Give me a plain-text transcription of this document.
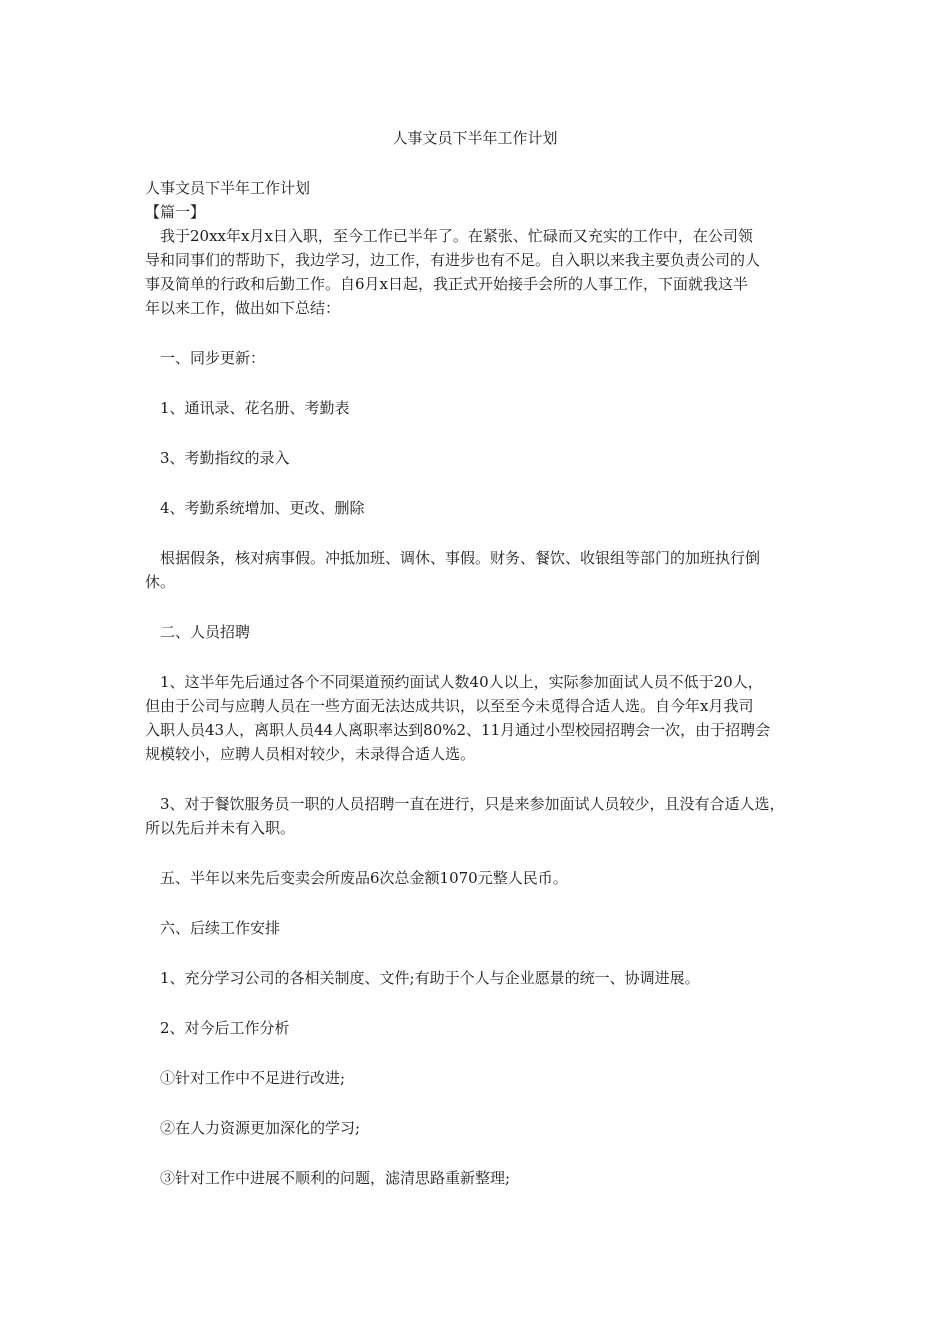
人事文员下半年工作计划
人事文员下半年工作计划
【篇一】
我于20xx年x月x日入职，至今工作已半年了。在紧张、忙碌而又充实的工作中，在公司领
导和同事们的帮助下，我边学习，边工作，有进步也有不足。自入职以来我主要负责公司的人
事及简单的行政和后勤工作。自6月x日起，我正式开始接手会所的人事工作，下面就我这半
年以来工作，做出如下总结：
一、同步更新：
1、通讯录、花名册、考勤表
3、考勤指纹的录入
4、考勤系统增加、更改、删除
根据假条，核对病事假。冲抵加班、调休、事假。财务、餐饮、收银组等部门的加班执行倒
休。
二、人员招聘
1、这半年先后通过各个不同渠道预约面试人数40人以上，实际参加面试人员不低于20人，
但由于公司与应聘人员在一些方面无法达成共识，以至至今未觅得合适人选。自今年x月我司
入职人员43人，离职人员44人离职率达到80%2、11月通过小型校园招聘会一次，由于招聘会
规模较小，应聘人员相对较少，未录得合适人选。
3、对于餐饮服务员一职的人员招聘一直在进行，只是来参加面试人员较少，且没有合适人选，
所以先后并未有入职。
五、半年以来先后变卖会所废品6次总金额1070元整人民币。
六、后续工作安排
1、充分学习公司的各相关制度、文件;有助于个人与企业愿景的统一、协调进展。
2、对今后工作分析
①针对工作中不足进行改进;
②在人力资源更加深化的学习;
③针对工作中进展不顺利的问题，滤清思路重新整理;
